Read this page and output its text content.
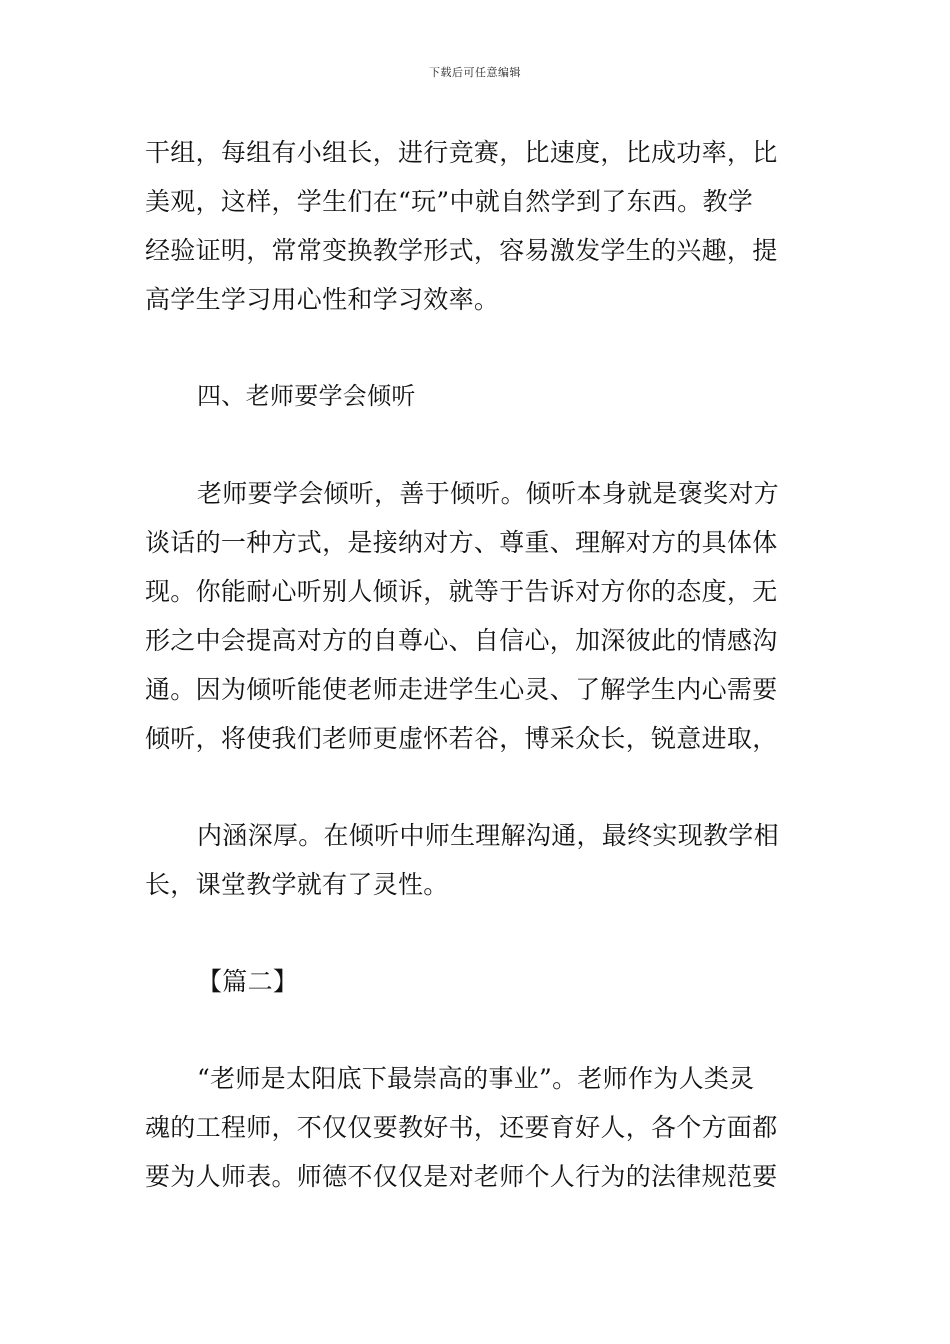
下载后可任意编辑
干组，每组有小组长，进行竞赛，比速度，比成功率，比
美观，这样，学生们在“玩”中就自然学到了东西。教学
经验证明，常常变换教学形式，容易激发学生的兴趣，提
高学生学习用心性和学习效率。
四、老师要学会倾听
老师要学会倾听，善于倾听。倾听本身就是褒奖对方
谈话的一种方式，是接纳对方、尊重、理解对方的具体体
现。你能耐心听别人倾诉，就等于告诉对方你的态度，无
形之中会提高对方的自尊心、自信心，加深彼此的情感沟
通。因为倾听能使老师走进学生心灵、了解学生内心需要
倾听，将使我们老师更虚怀若谷，博采众长，锐意进取，
内涵深厚。在倾听中师生理解沟通，最终实现教学相
长，课堂教学就有了灵性。
【篇二】
“老师是太阳底下最崇高的事业”。老师作为人类灵
魂的工程师，不仅仅要教好书，还要育好人，各个方面都
要为人师表。师德不仅仅是对老师个人行为的法律规范要
